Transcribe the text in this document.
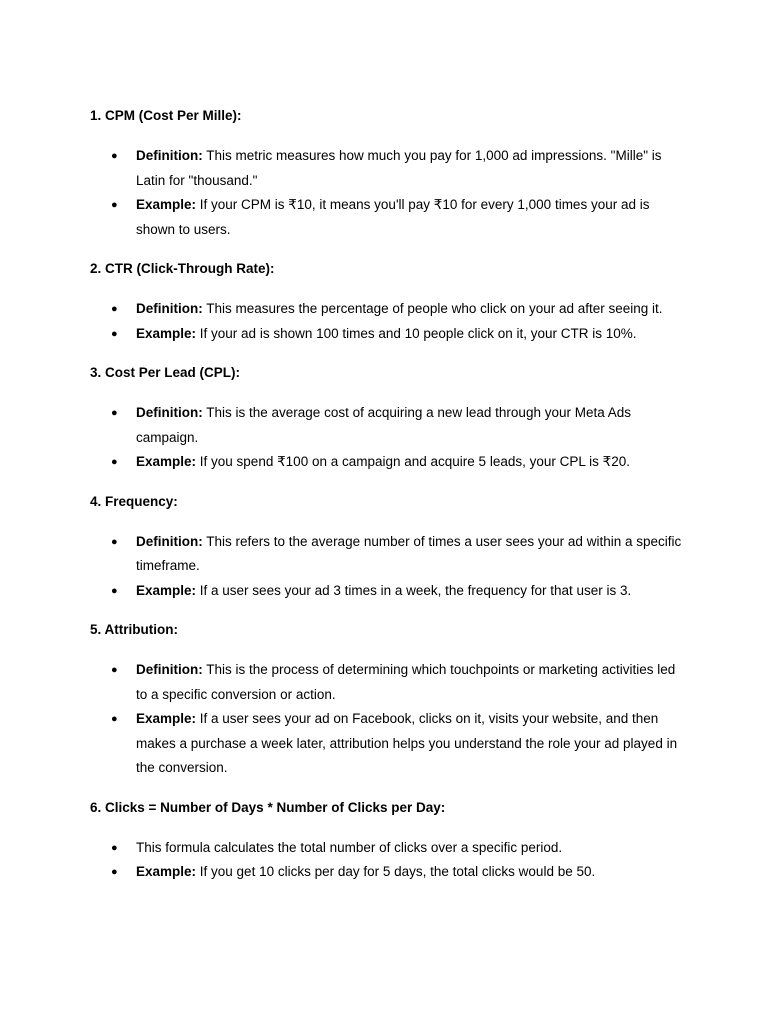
1. CPM (Cost Per Mille):
● Definition: This metric measures how much you pay for 1,000 ad impressions. "Mille" is Latin for "thousand."
● Example: If your CPM is ₹10, it means you'll pay ₹10 for every 1,000 times your ad is shown to users.
2. CTR (Click-Through Rate):
● Definition: This measures the percentage of people who click on your ad after seeing it.
● Example: If your ad is shown 100 times and 10 people click on it, your CTR is 10%.
3. Cost Per Lead (CPL):
● Definition: This is the average cost of acquiring a new lead through your Meta Ads campaign.
● Example: If you spend ₹100 on a campaign and acquire 5 leads, your CPL is ₹20.
4. Frequency:
● Definition: This refers to the average number of times a user sees your ad within a specific timeframe.
● Example: If a user sees your ad 3 times in a week, the frequency for that user is 3.
5. Attribution:
● Definition: This is the process of determining which touchpoints or marketing activities led to a specific conversion or action.
● Example: If a user sees your ad on Facebook, clicks on it, visits your website, and then makes a purchase a week later, attribution helps you understand the role your ad played in the conversion.
6. Clicks = Number of Days * Number of Clicks per Day:
● This formula calculates the total number of clicks over a specific period.
● Example: If you get 10 clicks per day for 5 days, the total clicks would be 50.
